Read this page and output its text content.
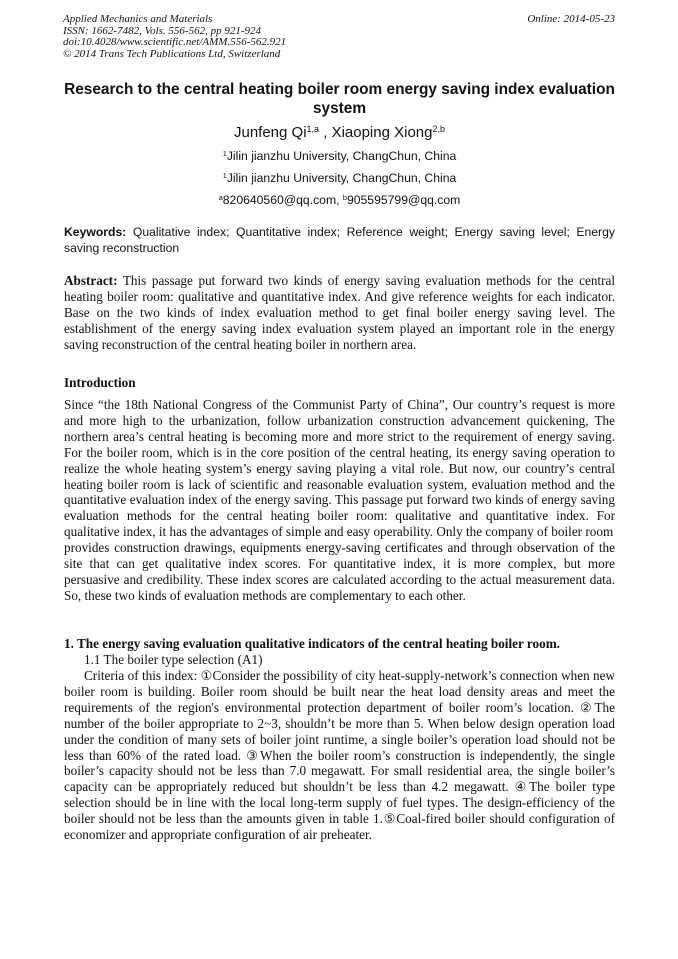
Applied Mechanics and Materials
ISSN: 1662-7482, Vols. 556-562, pp 921-924
doi:10.4028/www.scientific.net/AMM.556-562.921
© 2014 Trans Tech Publications Ltd, Switzerland
Online: 2014-05-23
Research to the central heating boiler room energy saving index evaluation system
Junfeng Qi$^{1,a}$ , Xiaoping Xiong$^{2,b}$
$^1$Jilin jianzhu University, ChangChun, China
$^1$Jilin jianzhu University, ChangChun, China
$^a$820640560@qq.com, $^b$905595799@qq.com
Keywords: Qualitative index; Quantitative index; Reference weight; Energy saving level; Energy saving reconstruction
Abstract: This passage put forward two kinds of energy saving evaluation methods for the central heating boiler room: qualitative and quantitative index. And give reference weights for each indicator. Base on the two kinds of index evaluation method to get final boiler energy saving level. The establishment of the energy saving index evaluation system played an important role in the energy saving reconstruction of the central heating boiler in northern area.
Introduction

Since “the 18th National Congress of the Communist Party of China”, Our country’s request is more and more high to the urbanization, follow urbanization construction advancement quickening, The northern area’s central heating is becoming more and more strict to the requirement of energy saving. For the boiler room, which is in the core position of the central heating, its energy saving operation to realize the whole heating system’s energy saving playing a vital role. But now, our country’s central heating boiler room is lack of scientific and reasonable evaluation system, evaluation method and the quantitative evaluation index of the energy saving. This passage put forward two kinds of energy saving evaluation methods for the central heating boiler room: qualitative and quantitative index. For qualitative index, it has the advantages of simple and easy operability. Only the company of boiler room

provides construction drawings, equipments energy-saving certificates and through observation of the site that can get qualitative index scores. For quantitative index, it is more complex, but more persuasive and credibility. These index scores are calculated according to the actual measurement data. So, these two kinds of evaluation methods are complementary to each other.

1. The energy saving evaluation qualitative indicators of the central heating boiler room.
1.1 The boiler type selection (A1)
Criteria of this index: ①Consider the possibility of city heat-supply-network’s connection when new boiler room is building. Boiler room should be built near the heat load density areas and meet the requirements of the region's environmental protection department of boiler room’s location. ②The number of the boiler appropriate to 2~3, shouldn’t be more than 5. When below design operation load under the condition of many sets of boiler joint runtime, a single boiler’s operation load should not be less than 60% of the rated load. ③When the boiler room’s construction is independently, the single boiler’s capacity should not be less than 7.0 megawatt. For small residential area, the single boiler’s capacity can be appropriately reduced but shouldn’t be less than 4.2 megawatt. ④The boiler type selection should be in line with the local long-term supply of fuel types. The design-efficiency of the boiler should not be less than the amounts given in table 1.⑤Coal-fired boiler should configuration of economizer and appropriate configuration of air preheater.
